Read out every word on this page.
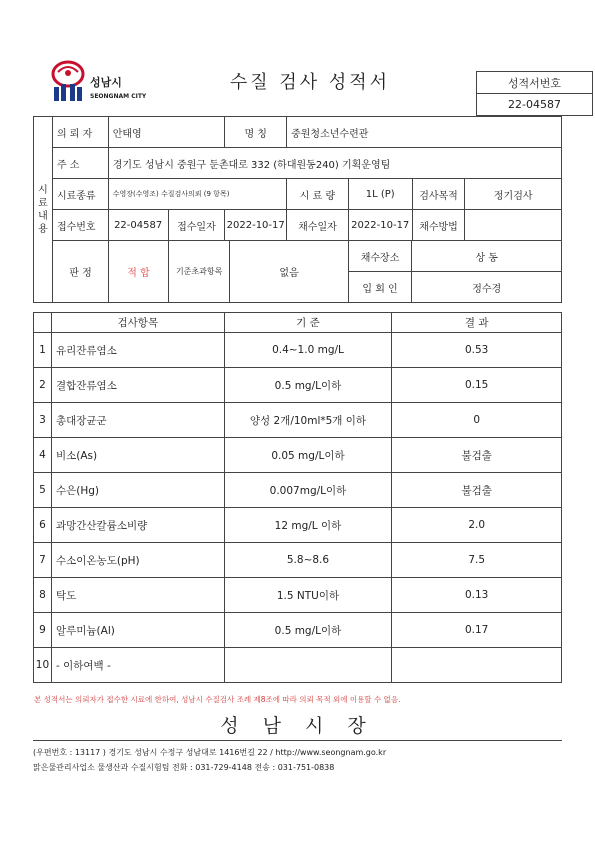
성남시
SEONGNAM CITY
수질 검사 성적서	성적서번호
22-04587
시료내용	의 뢰 자	안태영	명 칭	중원청소년수련관
주 소	경기도 성남시 중원구 둔촌대로 332 (하대원동240) 기획운영팀
시료종류	수영장(수영조) 수질검사의뢰 (9 항목)	시 료 량	1L (P)	검사목적	정기검사
접수번호	22-04587	접수일자	2022-10-17	채수일자	2022-10-17	채수방법	

판 정	적 합	기준초과항목	없음	채수장소	상 동
입 회 인	정수경
	검사항목	기 준	결 과
1	유리잔류염소	0.4~1.0 mg/L	0.53
2	결합잔류염소	0.5 mg/L이하	0.15
3	총대장균군	양성 2개/10ml*5개 이하	0
4	비소(As)	0.05 mg/L이하	불검출
5	수은(Hg)	0.007mg/L이하	불검출
6	과망간산칼륨소비량	12 mg/L 이하	2.0
7	수소이온농도(pH)	5.8~8.6	7.5
8	탁도	1.5 NTU이하	0.13
9	알루미늄(Al)	0.5 mg/L이하	0.17
10	- 이하여백 -		
본 성적서는 의뢰자가 접수한 시료에 한하여, 성남시 수질검사 조례 제8조에 따라 의뢰 목적 외에 이용할 수 없음.
성 남 시 장
(우편번호 : 13117 ) 경기도 성남시 수정구 성남대로 1416번길 22 / http://www.seongnam.go.kr
맑은물관리사업소 물생산과 수질시험팀 전화 : 031-729-4148 전송 : 031-751-0838
